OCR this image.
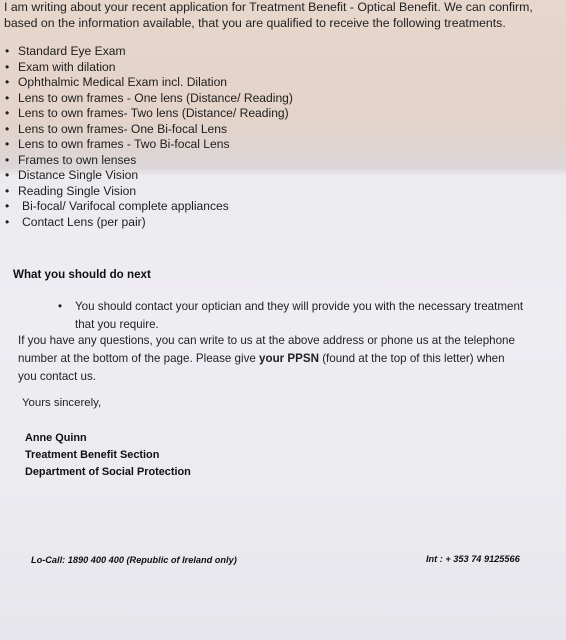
I am writing about your recent application for Treatment Benefit - Optical Benefit. We can confirm, based on the information available, that you are qualified to receive the following treatments.
• Standard Eye Exam
• Exam with dilation
• Ophthalmic Medical Exam incl. Dilation
• Lens to own frames - One lens (Distance/ Reading)
• Lens to own frames- Two lens (Distance/ Reading)
• Lens to own frames- One Bi-focal Lens
• Lens to own frames - Two Bi-focal Lens
• Frames to own lenses
• Distance Single Vision
• Reading Single Vision
• Bi-focal/ Varifocal complete appliances
• Contact Lens (per pair)
What you should do next
•	You should contact your optician and they will provide you with the necessary treatment that you require.
If you have any questions, you can write to us at the above address or phone us at the telephone number at the bottom of the page. Please give your PPSN (found at the top of this letter) when you contact us.
Yours sincerely,
Anne Quinn
Treatment Benefit Section
Department of Social Protection
Lo-Call: 1890 400 400 (Republic of Ireland only)	Int : + 353 74 9125566
